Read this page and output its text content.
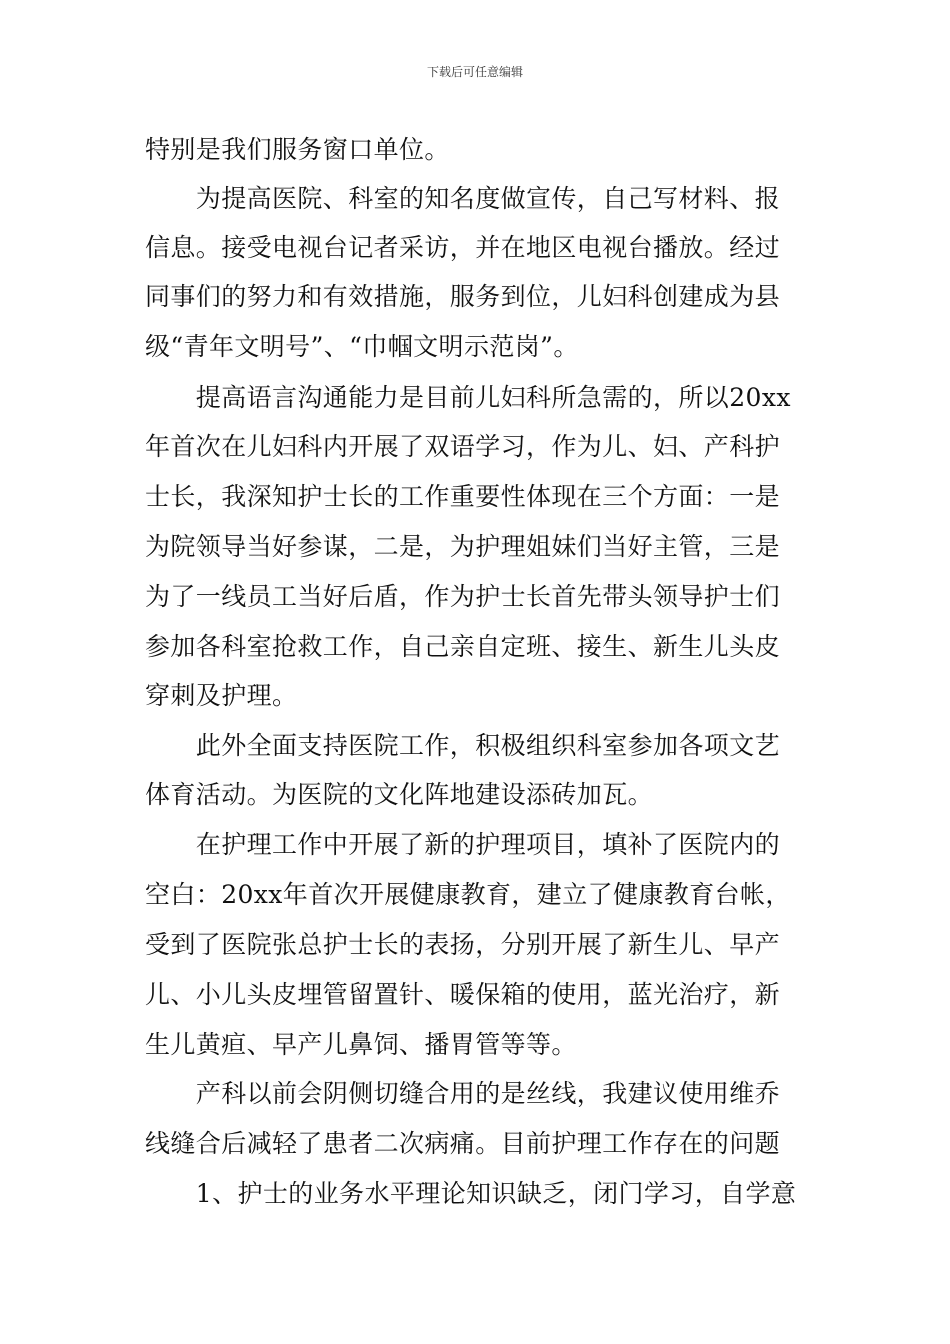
下载后可任意编辑
特别是我们服务窗口单位。
　　为提高医院、科室的知名度做宣传，自己写材料、报
信息。接受电视台记者采访，并在地区电视台播放。经过
同事们的努力和有效措施，服务到位，儿妇科创建成为县
级“青年文明号”、“巾帼文明示范岗”。
　　提高语言沟通能力是目前儿妇科所急需的，所以20xx
年首次在儿妇科内开展了双语学习，作为儿、妇、产科护
士长，我深知护士长的工作重要性体现在三个方面：一是
为院领导当好参谋，二是，为护理姐妹们当好主管，三是
为了一线员工当好后盾，作为护士长首先带头领导护士们
参加各科室抢救工作，自己亲自定班、接生、新生儿头皮
穿刺及护理。
　　此外全面支持医院工作，积极组织科室参加各项文艺
体育活动。为医院的文化阵地建设添砖加瓦。
　　在护理工作中开展了新的护理项目，填补了医院内的
空白：20xx年首次开展健康教育，建立了健康教育台帐，
受到了医院张总护士长的表扬，分别开展了新生儿、早产
儿、小儿头皮埋管留置针、暖保箱的使用，蓝光治疗，新
生儿黄疸、早产儿鼻饲、播胃管等等。
　　产科以前会阴侧切缝合用的是丝线，我建议使用维乔
线缝合后减轻了患者二次病痛。目前护理工作存在的问题
　　1、护士的业务水平理论知识缺乏，闭门学习，自学意
